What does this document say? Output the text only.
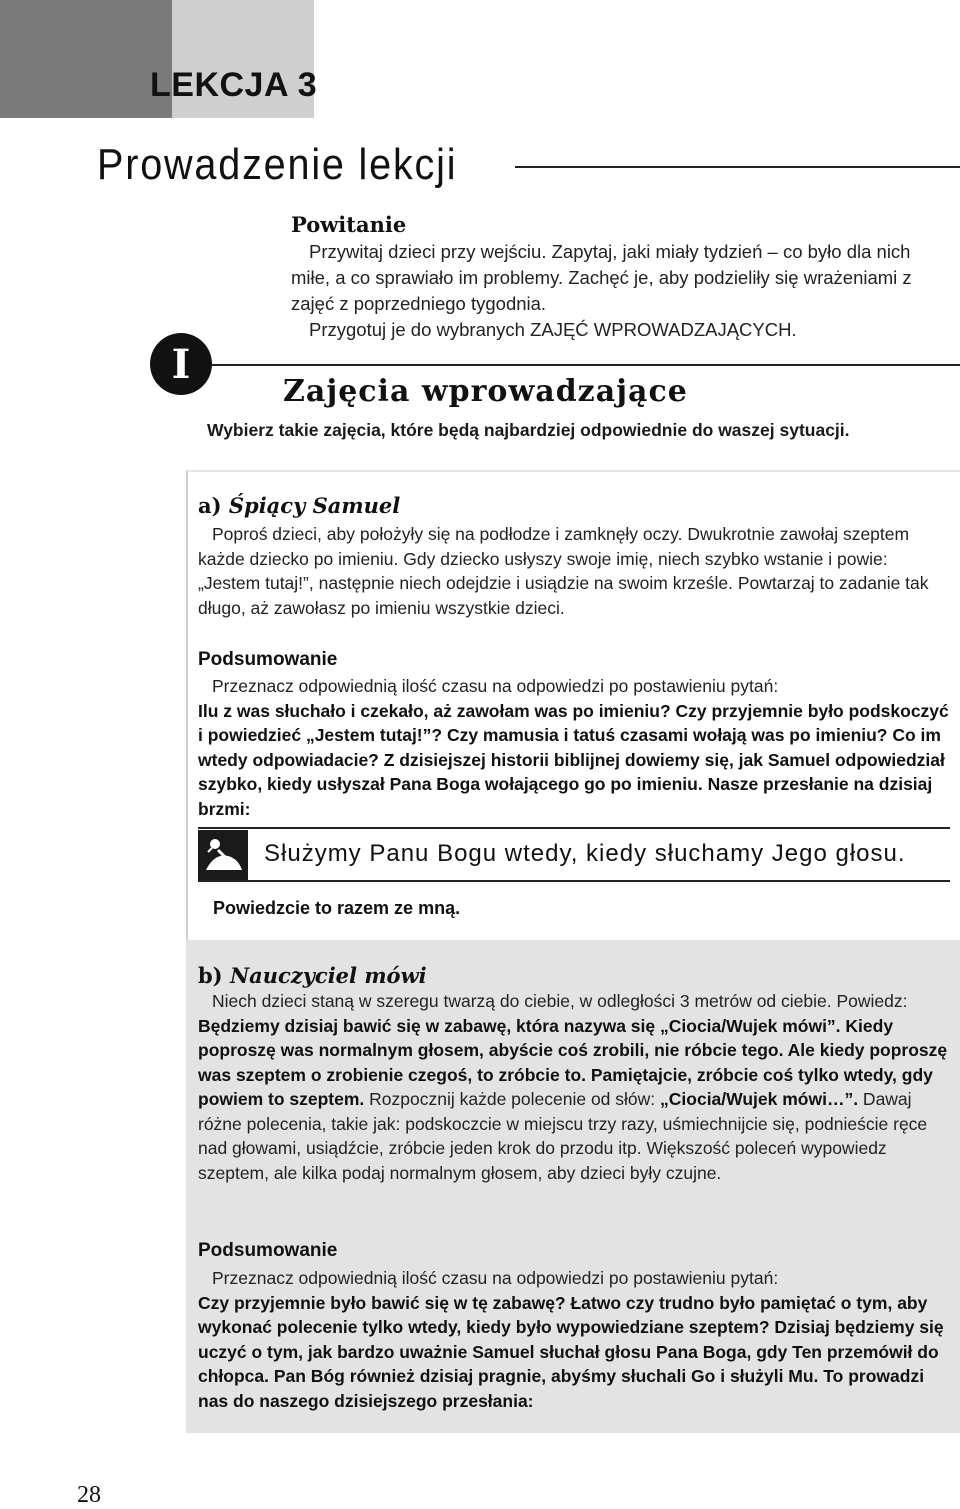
LEKCJA 3
Prowadzenie lekcji
Powitanie

Przywitaj dzieci przy wejściu. Zapytaj, jaki miały tydzień – co było dla nich miłe, a co sprawiało im problemy. Zachęć je, aby podzieliły się wrażeniami z zajęć z poprzedniego tygodnia.

Przygotuj je do wybranych ZAJĘĆ WPROWADZAJĄCYCH.

I
Zajęcia wprowadzające
Wybierz takie zajęcia, które będą najbardziej odpowiednie do waszej sytuacji.
a) Śpiący Samuel

Poproś dzieci, aby położyły się na podłodze i zamknęły oczy. Dwukrotnie zawołaj szeptem każde dziecko po imieniu. Gdy dziecko usłyszy swoje imię, niech szybko wstanie i powie: „Jestem tutaj!”, następnie niech odejdzie i usiądzie na swoim krześle. Powtarzaj to zadanie tak długo, aż zawołasz po imieniu wszystkie dzieci.

Podsumowanie

Przeznacz odpowiednią ilość czasu na odpowiedzi po postawieniu pytań:

Ilu z was słuchało i czekało, aż zawołam was po imieniu? Czy przyjemnie było podskoczyć i powiedzieć „Jestem tutaj!”? Czy mamusia i tatuś czasami wołają was po imieniu? Co im wtedy odpowiadacie? Z dzisiejszej historii biblijnej dowiemy się, jak Samuel odpowiedział szybko, kiedy usłyszał Pana Boga wołającego go po imieniu. Nasze przesłanie na dzisiaj brzmi:

Służymy Panu Bogu wtedy, kiedy słuchamy Jego głosu.
Powiedzcie to razem ze mną.
b) Nauczyciel mówi

Niech dzieci staną w szeregu twarzą do ciebie, w odległości 3 metrów od ciebie. Powiedz: Będziemy dzisiaj bawić się w zabawę, która nazywa się „Ciocia/Wujek mówi”. Kiedy poproszę was normalnym głosem, abyście coś zrobili, nie róbcie tego. Ale kiedy poproszę was szeptem o zrobienie czegoś, to zróbcie to. Pamiętajcie, zróbcie coś tylko wtedy, gdy powiem to szeptem. Rozpocznij każde polecenie od słów: „Ciocia/Wujek mówi…”. Dawaj różne polecenia, takie jak: podskoczcie w miejscu trzy razy, uśmiechnijcie się, podnieście ręce nad głowami, usiądźcie, zróbcie jeden krok do przodu itp. Większość poleceń wypowiedz szeptem, ale kilka podaj normalnym głosem, aby dzieci były czujne.

Podsumowanie

Przeznacz odpowiednią ilość czasu na odpowiedzi po postawieniu pytań:

Czy przyjemnie było bawić się w tę zabawę? Łatwo czy trudno było pamiętać o tym, aby wykonać polecenie tylko wtedy, kiedy było wypowiedziane szeptem? Dzisiaj będziemy się uczyć o tym, jak bardzo uważnie Samuel słuchał głosu Pana Boga, gdy Ten przemówił do chłopca. Pan Bóg również dzisiaj pragnie, abyśmy słuchali Go i służyli Mu. To prowadzi nas do naszego dzisiejszego przesłania:

28
